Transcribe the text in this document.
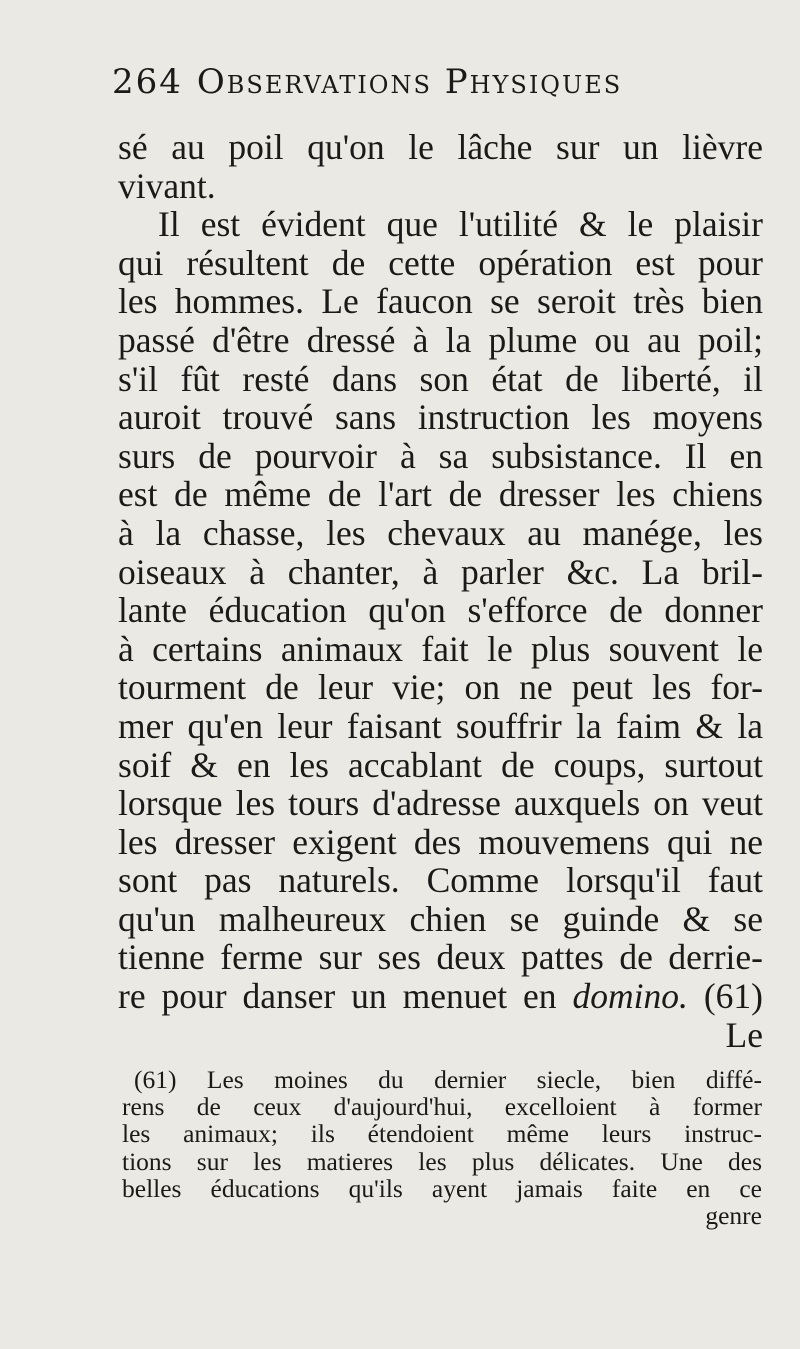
264 Observations Physiques
sé au poil qu'on le lâche sur un lièvre
vivant.
Il est évident que l'utilité & le plaisir
qui résultent de cette opération est pour
les hommes. Le faucon se seroit très bien
passé d'être dressé à la plume ou au poil;
s'il fût resté dans son état de liberté, il
auroit trouvé sans instruction les moyens
surs de pourvoir à sa subsistance. Il en
est de même de l'art de dresser les chiens
à la chasse, les chevaux au manége, les
oiseaux à chanter, à parler &c. La bril-
lante éducation qu'on s'efforce de donner
à certains animaux fait le plus souvent le
tourment de leur vie; on ne peut les for-
mer qu'en leur faisant souffrir la faim & la
soif & en les accablant de coups, surtout
lorsque les tours d'adresse auxquels on veut
les dresser exigent des mouvemens qui ne
sont pas naturels. Comme lorsqu'il faut
qu'un malheureux chien se guinde & se
tienne ferme sur ses deux pattes de derrie-
re pour danser un menuet en domino. (61)
Le
(61) Les moines du dernier siecle, bien diffé-
rens de ceux d'aujourd'hui, excelloient à former
les animaux; ils étendoient même leurs instruc-
tions sur les matieres les plus délicates. Une des
belles éducations qu'ils ayent jamais faite en ce
genre
